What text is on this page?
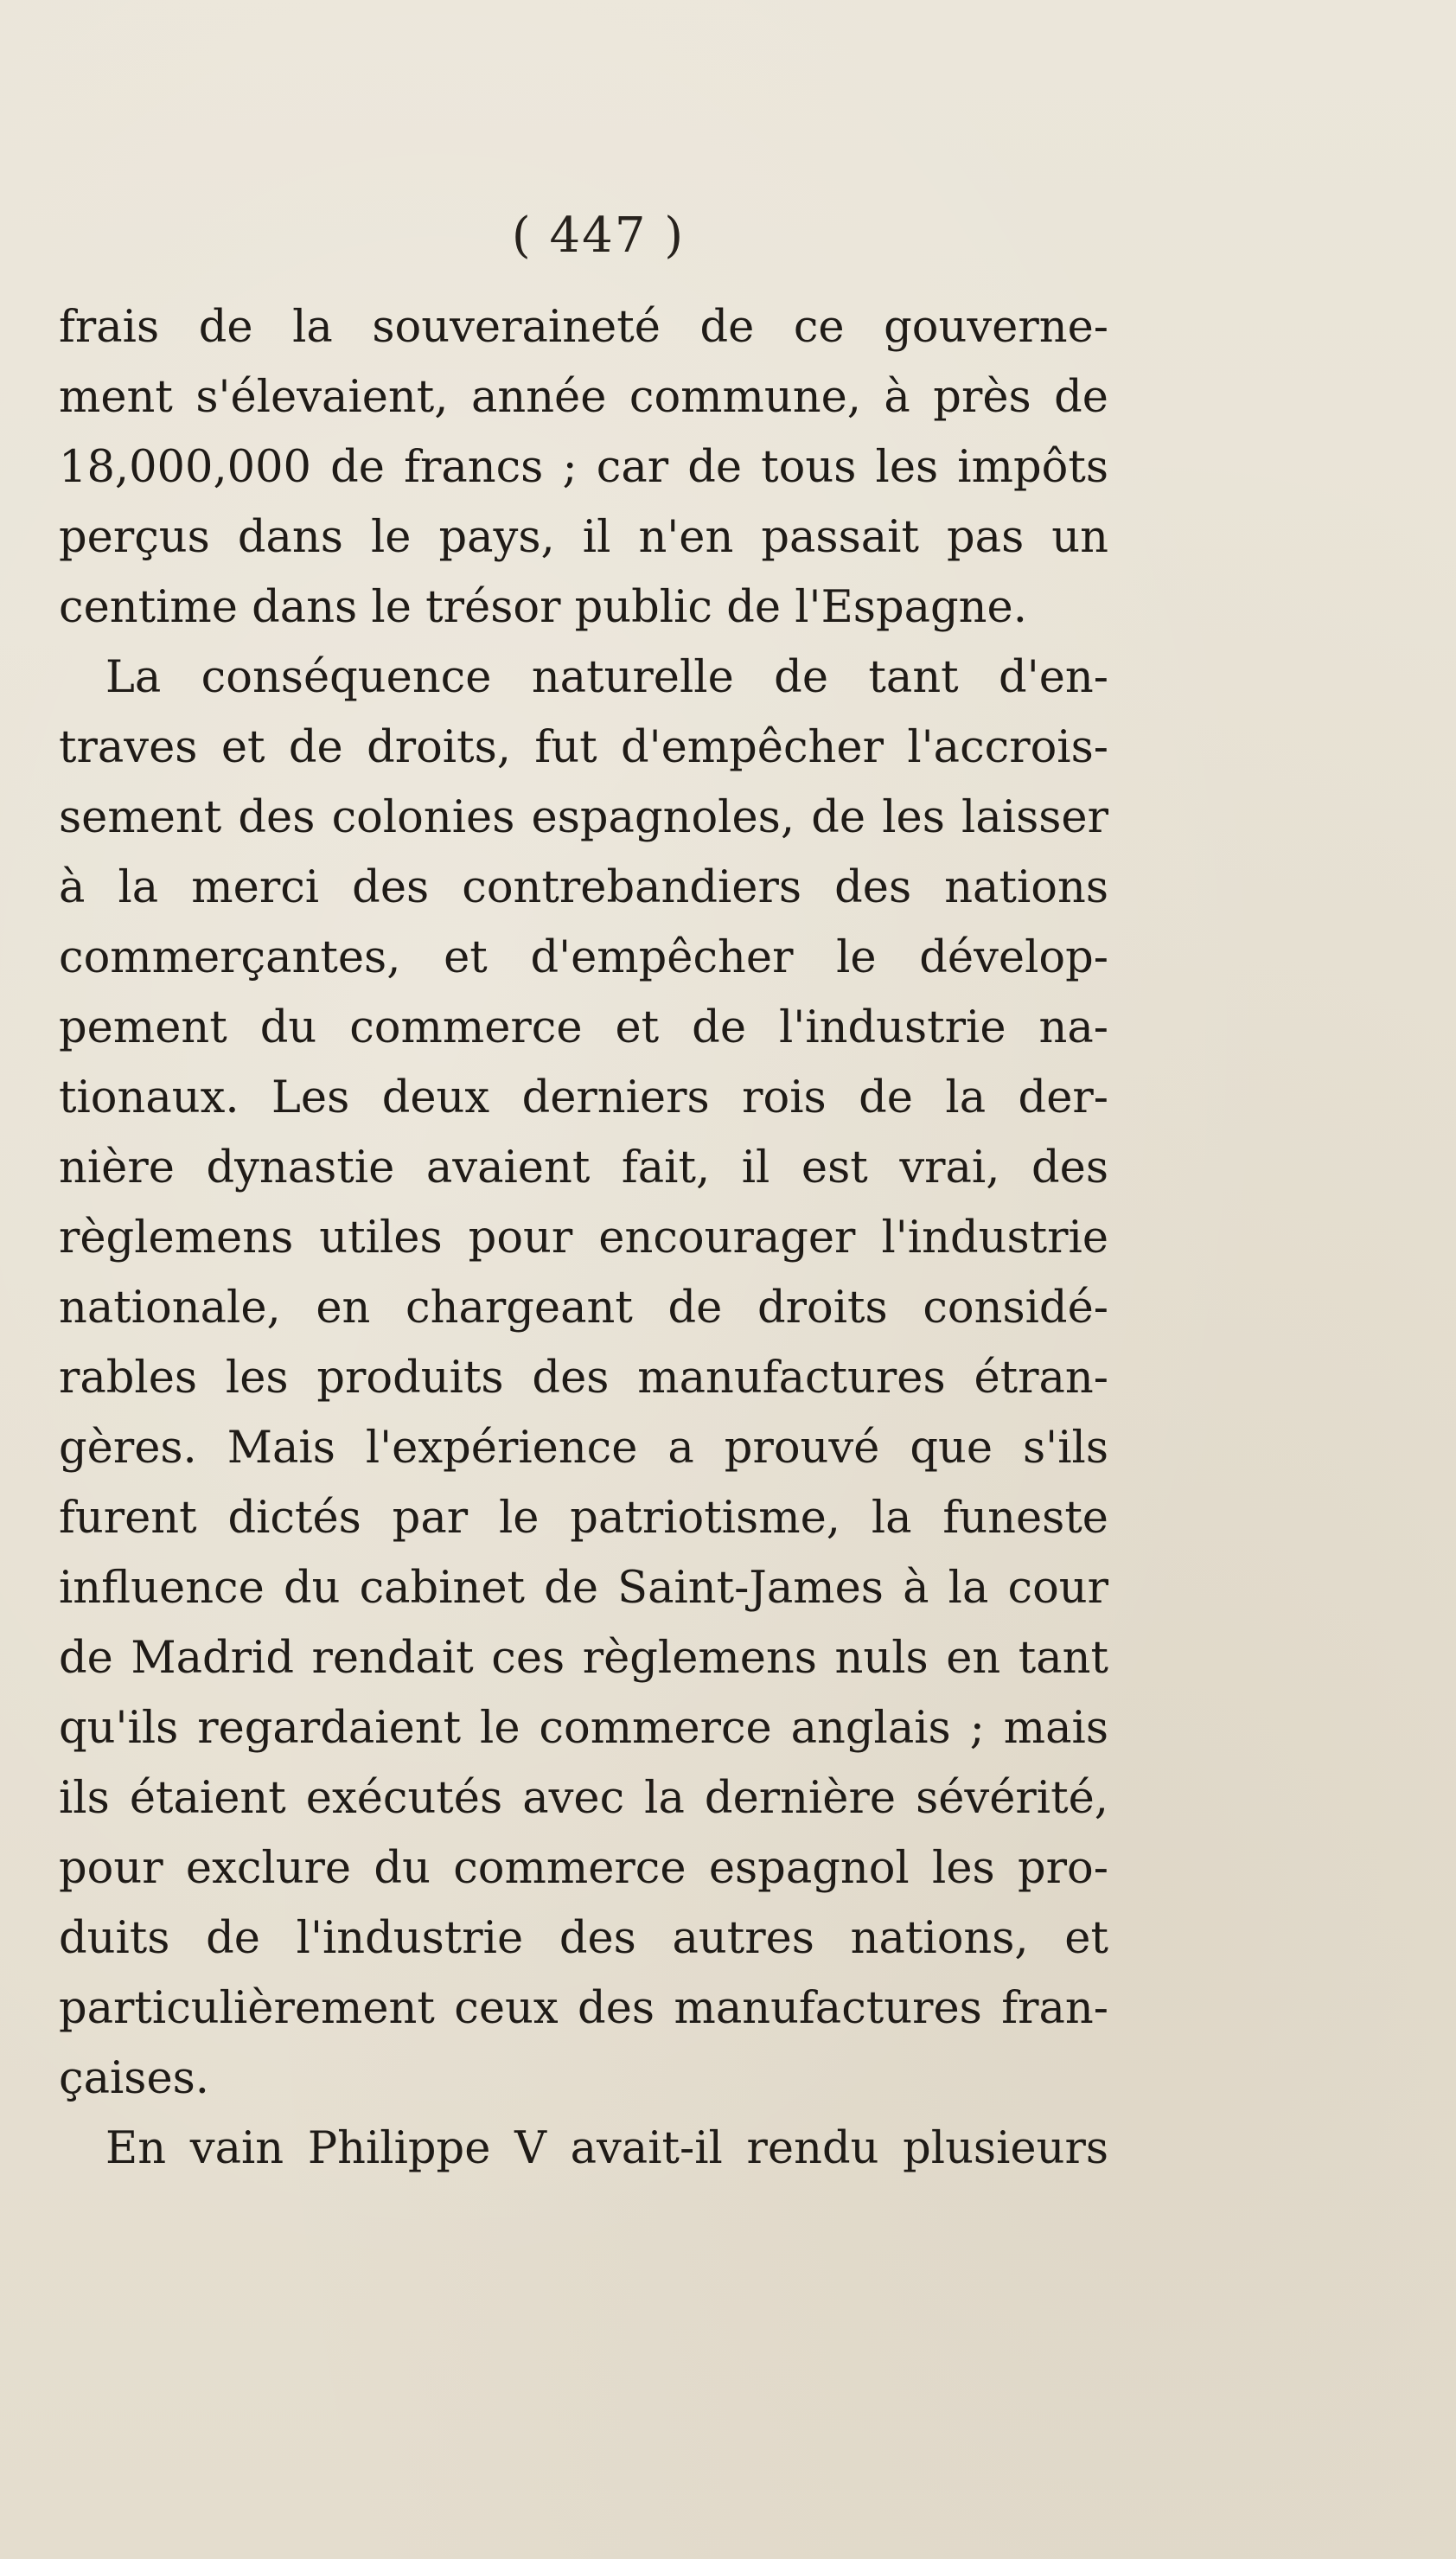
( 447 )
frais de la souveraineté de ce gouverne-
ment s'élevaient, année commune, à près de
18,000,000 de francs ; car de tous les impôts
perçus dans le pays, il n'en passait pas un
centime dans le trésor public de l'Espagne.
La conséquence naturelle de tant d'en-
traves et de droits, fut d'empêcher l'accrois-
sement des colonies espagnoles, de les laisser
à la merci des contrebandiers des nations
commerçantes, et d'empêcher le dévelop-
pement du commerce et de l'industrie na-
tionaux. Les deux derniers rois de la der-
nière dynastie avaient fait, il est vrai, des
règlemens utiles pour encourager l'industrie
nationale, en chargeant de droits considé-
rables les produits des manufactures étran-
gères. Mais l'expérience a prouvé que s'ils
furent dictés par le patriotisme, la funeste
influence du cabinet de Saint-James à la cour
de Madrid rendait ces règlemens nuls en tant
qu'ils regardaient le commerce anglais ; mais
ils étaient exécutés avec la dernière sévérité,
pour exclure du commerce espagnol les pro-
duits de l'industrie des autres nations, et
particulièrement ceux des manufactures fran-
çaises.
En vain Philippe V avait-il rendu plusieurs
